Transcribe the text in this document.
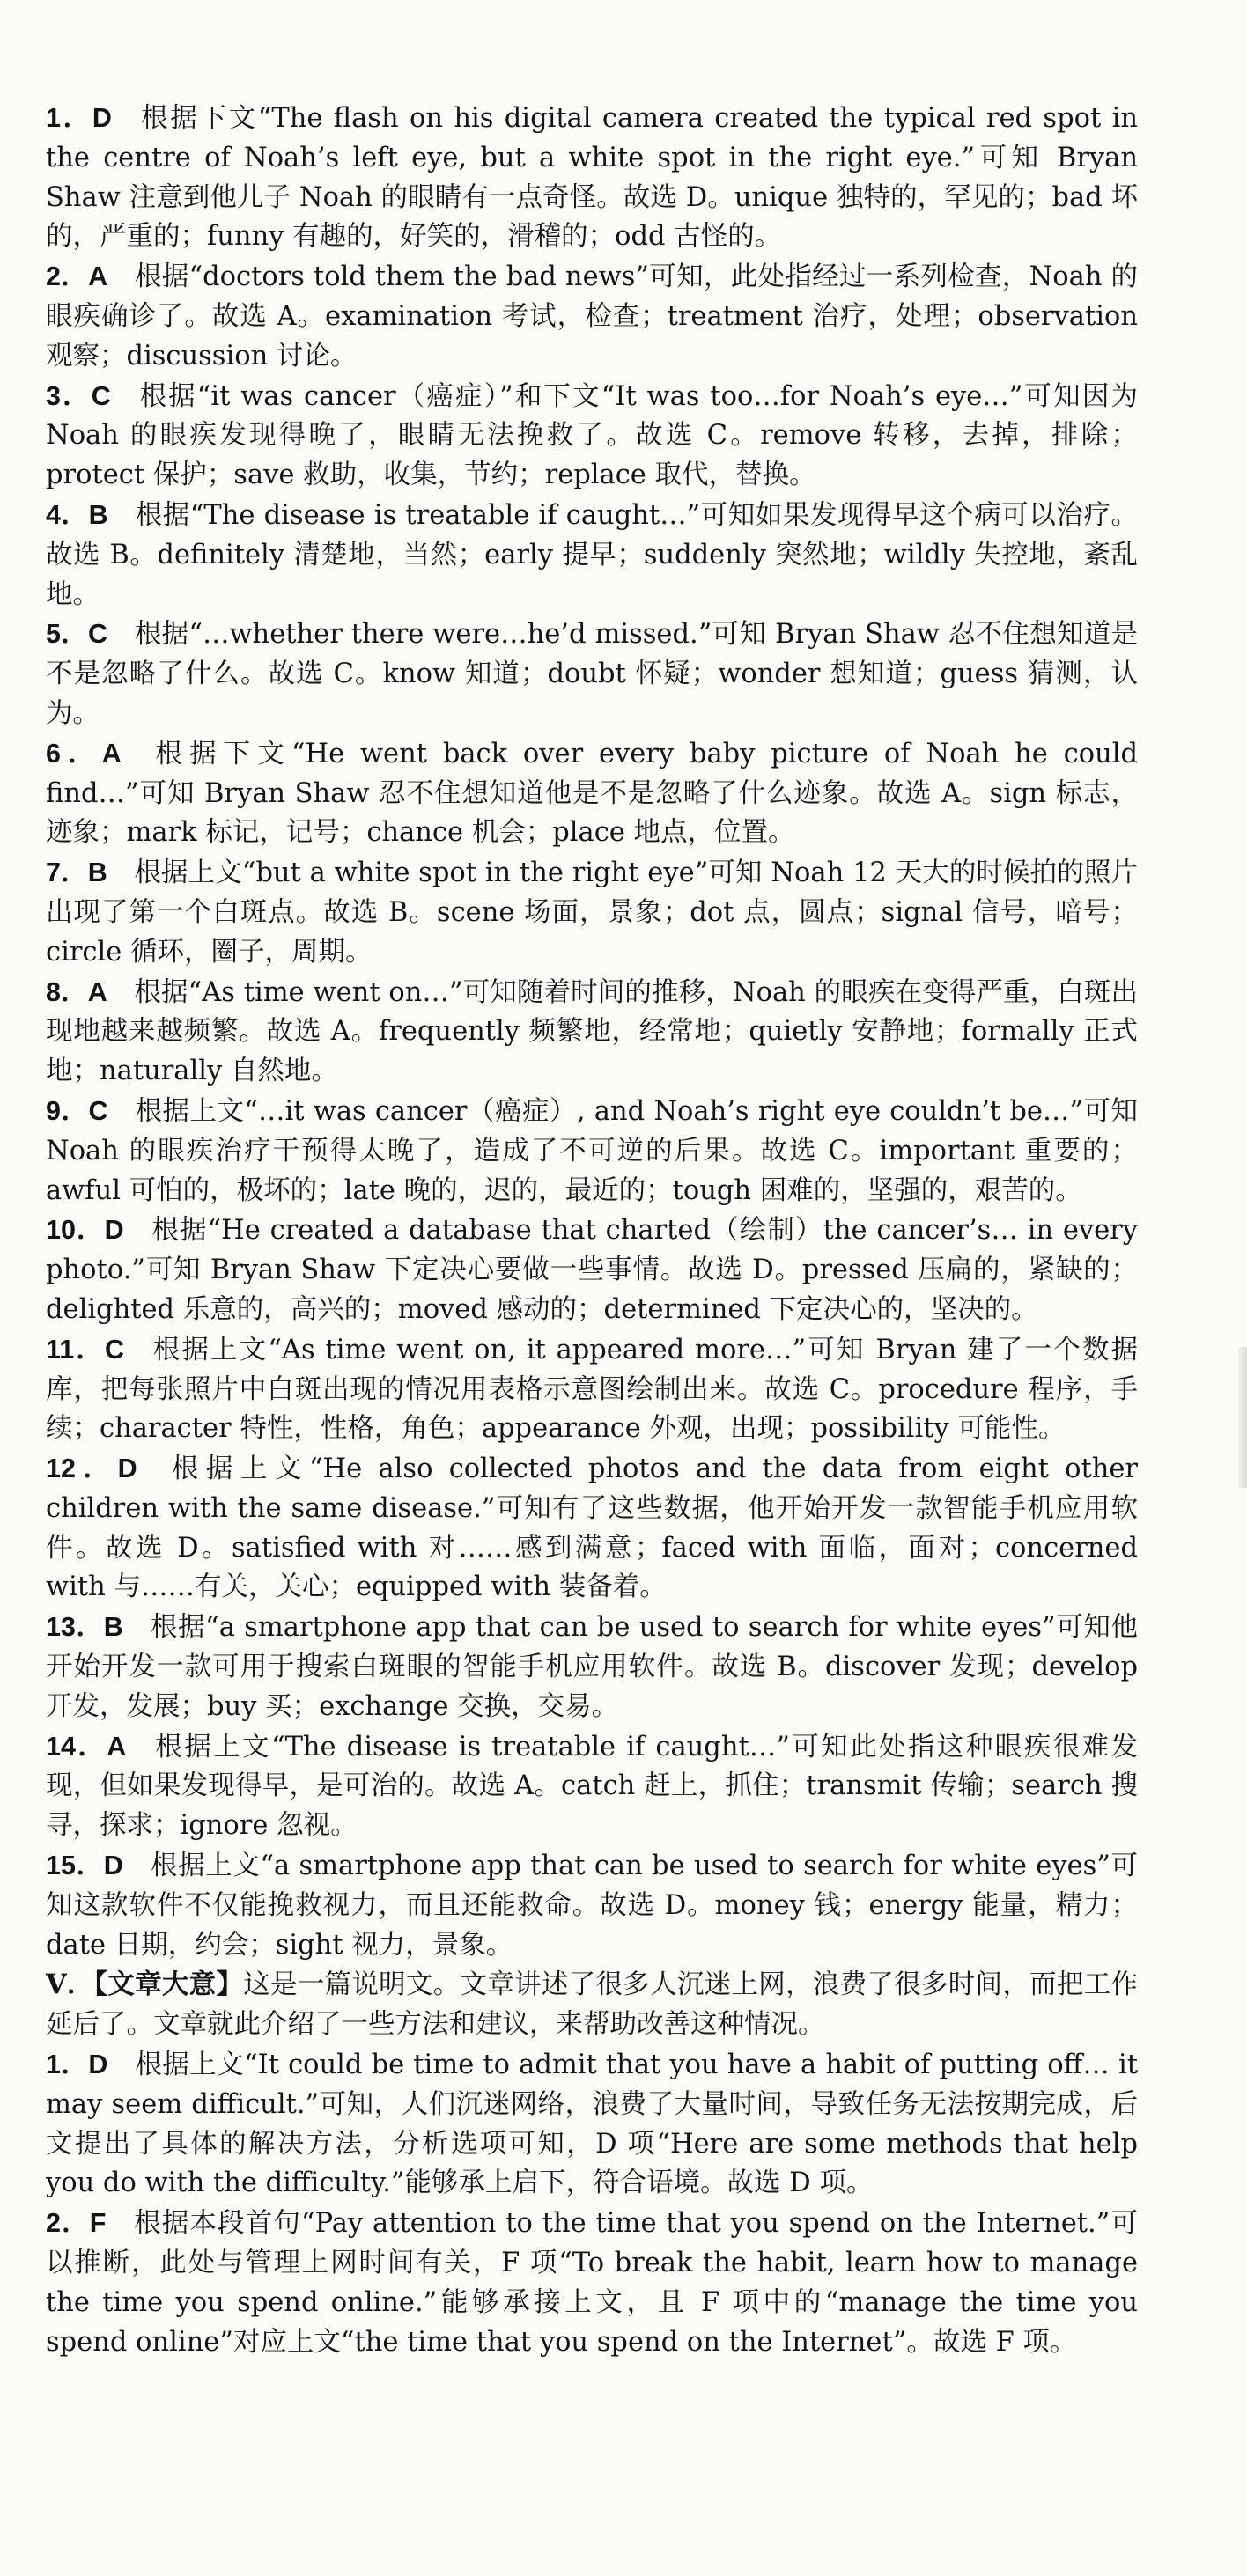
1．D  根据下文“The flash on his digital camera created the typical red spot in the centre of Noah’s left eye, but a white spot in the right eye.”可知 Bryan Shaw 注意到他儿子 Noah 的眼睛有一点奇怪。故选 D。unique 独特的，罕见的；bad 坏的，严重的；funny 有趣的，好笑的，滑稽的；odd 古怪的。

2．A  根据“doctors told them the bad news”可知，此处指经过一系列检查，Noah 的眼疾确诊了。故选 A。examination 考试，检查；treatment 治疗，处理；observation 观察；discussion 讨论。

3．C  根据“it was cancer（癌症）”和下文“It was too…for Noah’s eye…”可知因为 Noah 的眼疾发现得晚了，眼睛无法挽救了。故选 C。remove 转移，去掉，排除；protect 保护；save 救助，收集，节约；replace 取代，替换。

4．B  根据“The disease is treatable if caught…”可知如果发现得早这个病可以治疗。故选 B。definitely 清楚地，当然；early 提早；suddenly 突然地；wildly 失控地，紊乱地。

5．C  根据“…whether there were…he’d missed.”可知 Bryan Shaw 忍不住想知道是不是忽略了什么。故选 C。know 知道；doubt 怀疑；wonder 想知道；guess 猜测，认为。

6．A  根据下文“He went back over every baby picture of Noah he could find…”可知 Bryan Shaw 忍不住想知道他是不是忽略了什么迹象。故选 A。sign 标志，迹象；mark 标记，记号；chance 机会；place 地点，位置。

7．B  根据上文“but a white spot in the right eye”可知 Noah 12 天大的时候拍的照片出现了第一个白斑点。故选 B。scene 场面，景象；dot 点，圆点；signal 信号，暗号；circle 循环，圈子，周期。

8．A  根据“As time went on…”可知随着时间的推移，Noah 的眼疾在变得严重，白斑出现地越来越频繁。故选 A。frequently 频繁地，经常地；quietly 安静地；formally 正式地；naturally 自然地。

9．C  根据上文“…it was cancer（癌症）, and Noah’s right eye couldn’t be…”可知 Noah 的眼疾治疗干预得太晚了，造成了不可逆的后果。故选 C。important 重要的；awful 可怕的，极坏的；late 晚的，迟的，最近的；tough 困难的，坚强的，艰苦的。

10．D  根据“He created a database that charted（绘制）the cancer’s… in every photo.”可知 Bryan Shaw 下定决心要做一些事情。故选 D。pressed 压扁的，紧缺的；delighted 乐意的，高兴的；moved 感动的；determined 下定决心的，坚决的。

11．C  根据上文“As time went on, it appeared more…”可知 Bryan 建了一个数据库，把每张照片中白斑出现的情况用表格示意图绘制出来。故选 C。procedure 程序，手续；character 特性，性格，角色；appearance 外观，出现；possibility 可能性。

12．D  根据上文“He also collected photos and the data from eight other children with the same disease.”可知有了这些数据，他开始开发一款智能手机应用软件。故选 D。satisfied with 对……感到满意；faced with 面临，面对；concerned with 与……有关，关心；equipped with 装备着。

13．B  根据“a smartphone app that can be used to search for white eyes”可知他开始开发一款可用于搜索白斑眼的智能手机应用软件。故选 B。discover 发现；develop 开发，发展；buy 买；exchange 交换，交易。

14．A  根据上文“The disease is treatable if caught…”可知此处指这种眼疾很难发现，但如果发现得早，是可治的。故选 A。catch 赶上，抓住；transmit 传输；search 搜寻，探求；ignore 忽视。

15．D  根据上文“a smartphone app that can be used to search for white eyes”可知这款软件不仅能挽救视力，而且还能救命。故选 D。money 钱；energy 能量，精力；date 日期，约会；sight 视力，景象。

Ⅴ．【文章大意】这是一篇说明文。文章讲述了很多人沉迷上网，浪费了很多时间，而把工作延后了。文章就此介绍了一些方法和建议，来帮助改善这种情况。

1．D  根据上文“It could be time to admit that you have a habit of putting off… it may seem difficult.”可知，人们沉迷网络，浪费了大量时间，导致任务无法按期完成，后文提出了具体的解决方法，分析选项可知，D 项“Here are some methods that help you do with the difficulty.”能够承上启下，符合语境。故选 D 项。

2．F  根据本段首句“Pay attention to the time that you spend on the Internet.”可以推断，此处与管理上网时间有关，F 项“To break the habit, learn how to manage the time you spend online.”能够承接上文，且 F 项中的“manage the time you spend online”对应上文“the time that you spend on the Internet”。故选 F 项。
